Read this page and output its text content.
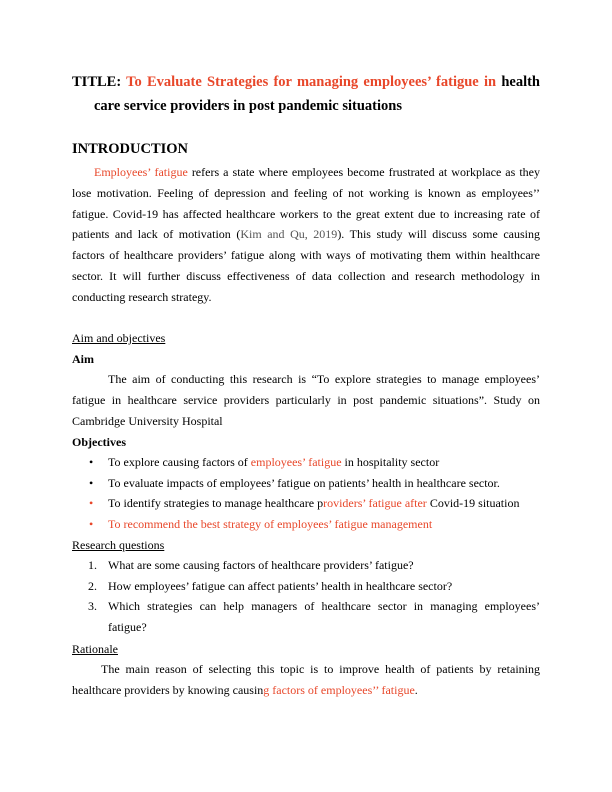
TITLE: To Evaluate Strategies for managing employees’ fatigue in health
care service providers in post pandemic situations
INTRODUCTION
Employees’ fatigue refers a state where employees become frustrated at workplace as they
lose motivation. Feeling of depression and feeling of not working is known as employees’’
fatigue. Covid-19 has affected healthcare workers to the great extent due to increasing rate of
patients and lack of motivation (Kim and Qu, 2019). This study will discuss some causing
factors of healthcare providers’ fatigue along with ways of motivating them within healthcare
sector. It will further discuss effectiveness of data collection and research methodology in
conducting research strategy.
Aim and objectives
Aim
The aim of conducting this research is “To explore strategies to manage employees’
fatigue in healthcare service providers particularly in post pandemic situations”. Study on
Cambridge University Hospital
Objectives
• To explore causing factors of employees’ fatigue in hospitality sector
• To evaluate impacts of employees’ fatigue on patients’ health in healthcare sector.
• To identify strategies to manage healthcare providers’ fatigue after Covid-19 situation
• To recommend the best strategy of employees’ fatigue management
Research questions
1. What are some causing factors of healthcare providers’ fatigue?
2. How employees’ fatigue can affect patients’ health in healthcare sector?
3. Which strategies can help managers of healthcare sector in managing employees’
fatigue?
Rationale
The main reason of selecting this topic is to improve health of patients by retaining
healthcare providers by knowing causing factors of employees’’ fatigue.
